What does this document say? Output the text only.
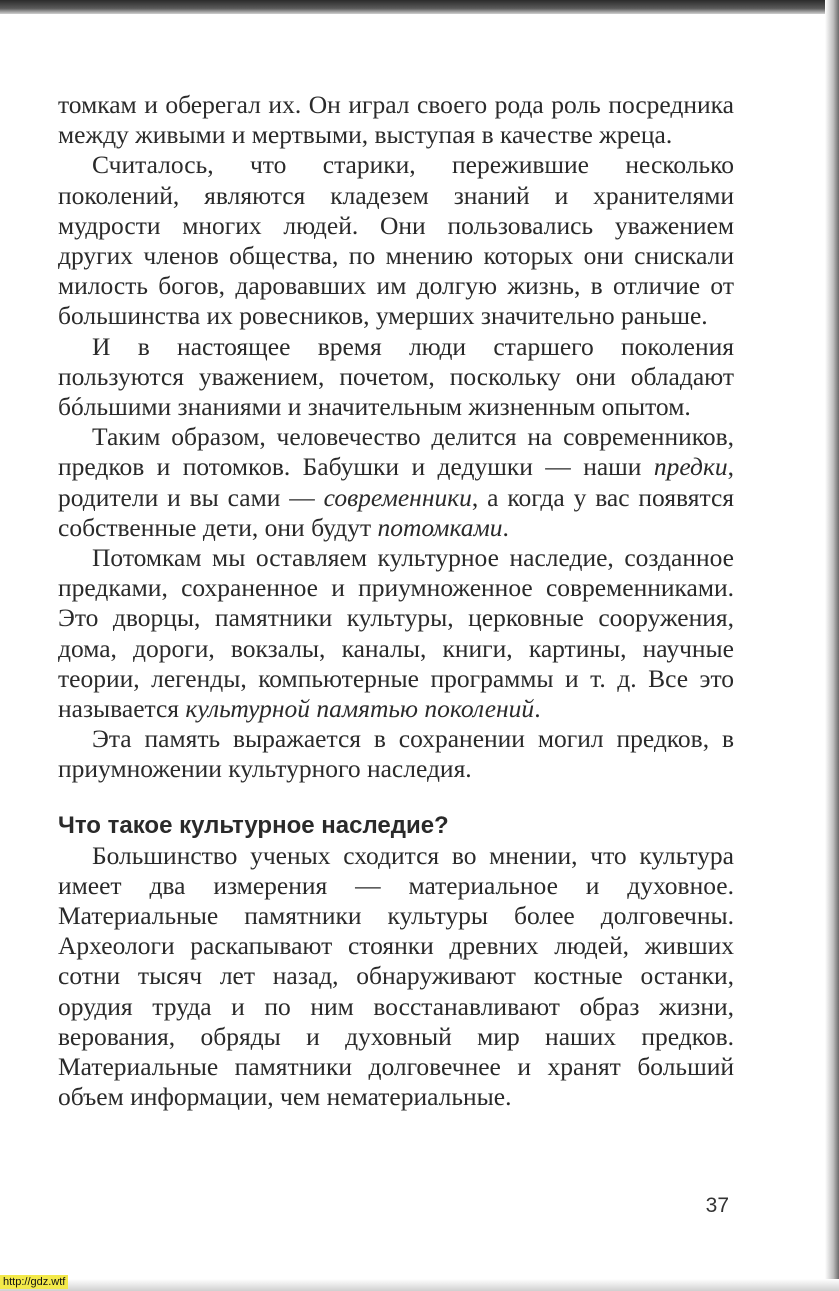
томкам и оберегал их. Он играл своего рода роль посредника между живыми и мертвыми, выступая в качестве жреца.

Считалось, что старики, пережившие несколько поколений, являются кладезем знаний и хранителями мудрости многих людей. Они пользовались уважением других членов общества, по мнению которых они снискали милость богов, даровавших им долгую жизнь, в отличие от большинства их ровесников, умерших значительно раньше.

И в настоящее время люди старшего поколения пользуются уважением, почетом, поскольку они обладают бóльшими знаниями и значительным жизненным опытом.

Таким образом, человечество делится на современников, предков и потомков. Бабушки и дедушки — наши предки, родители и вы сами — современники, а когда у вас появятся собственные дети, они будут потомками.

Потомкам мы оставляем культурное наследие, созданное предками, сохраненное и приумноженное современниками. Это дворцы, памятники культуры, церковные сооружения, дома, дороги, вокзалы, каналы, книги, картины, научные теории, легенды, компьютерные программы и т. д. Все это называется культурной памятью поколений.

Эта память выражается в сохранении могил предков, в приумножении культурного наследия.

Что такое культурное наследие?

Большинство ученых сходится во мнении, что культура имеет два измерения — материальное и духовное. Материальные памятники культуры более долговечны. Археологи раскапывают стоянки древних людей, живших сотни тысяч лет назад, обнаруживают костные останки, орудия труда и по ним восстанавливают образ жизни, верования, обряды и духовный мир наших предков. Материальные памятники долговечнее и хранят больший объем информации, чем нематериальные.

37
http://gdz.wtf
